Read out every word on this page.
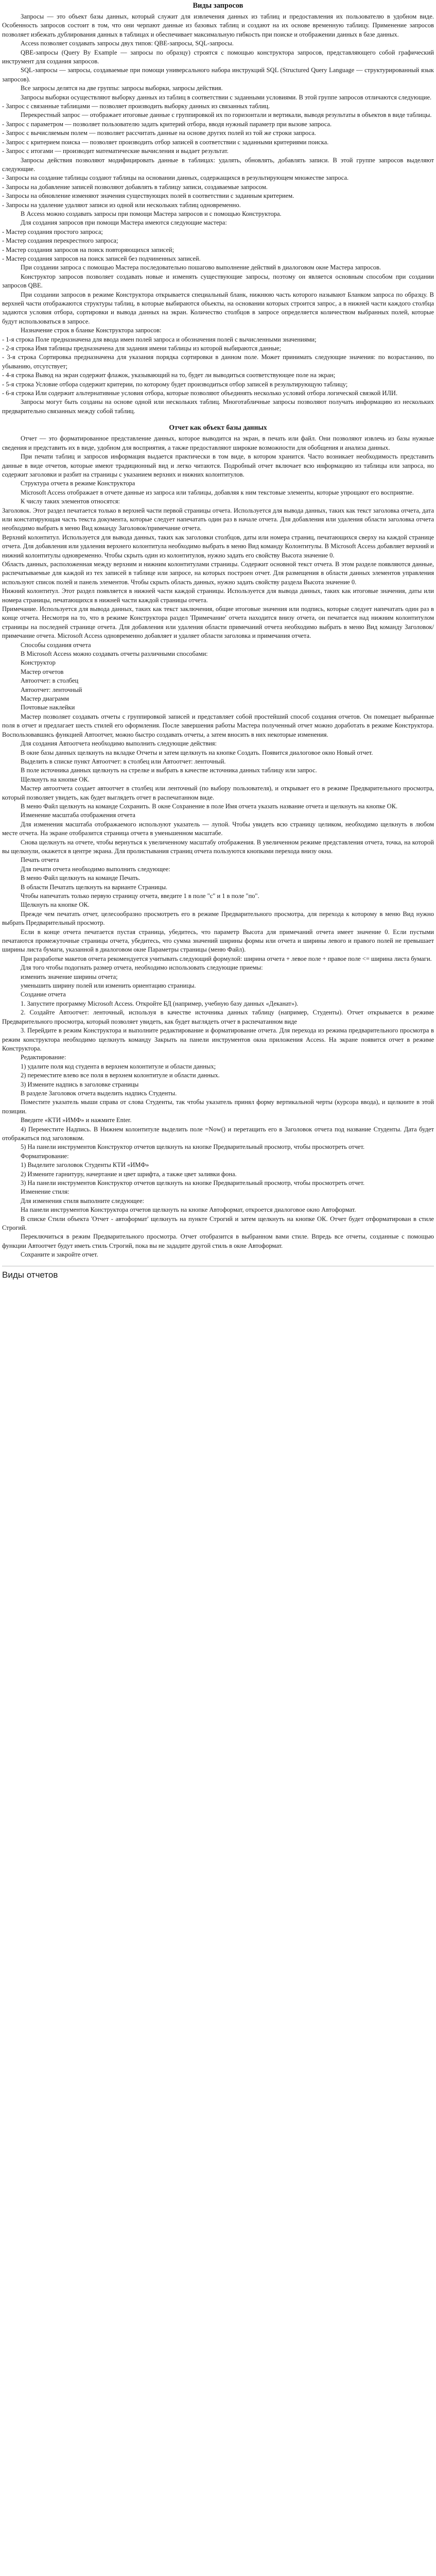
Виды запросов

Запросы — это объект базы данных, который служит для извлечения данных из таблиц и предоставления их пользователю в удобном виде. Особенность запросов состоит в том, что они черпают данные из базовых таблиц и создают на их основе временную таблицу. Применение запросов позволяет избежать дублирования данных в таблицах и обеспечивает максимальную гибкость при поиске и отображении данных в базе данных.

Access позволяет создавать запросы двух типов: QBE-запросы, SQL-запросы.

QBE-запросы (Query By Example — запросы по образцу) строятся с помощью конструктора запросов, представляющего собой графический инструмент для создания запросов.

SQL-запросы — запросы, создаваемые при помощи универсального набора инструкций SQL (Structured Query Language — структурированный язык запросов).

Все запросы делятся на две группы: запросы выборки, запросы действия.

Запросы выборки осуществляют выборку данных из таблиц в соответствии с заданными условиями. В этой группе запросов отличаются следующие.

- Запрос с связанные таблицами — позволяет производить выборку данных из связанных таблиц.

Перекрестный запрос — отображает итоговые данные с группировкой их по горизонтали и вертикали, выводя результаты в объектов в виде таблицы.

- Запрос с параметром — позволяет пользователю задать критерий отбора, вводя нужный параметр при вызове запроса.

- Запрос с вычисляемым полем — позволяет рассчитать данные на основе других полей из той же строки запроса.

- Запрос с критерием поиска — позволяет производить отбор записей в соответствии с заданными критериями поиска.

- Запрос с итогами — производит математические вычисления и выдает результат.

Запросы действия позволяют модифицировать данные в таблицах: удалять, обновлять, добавлять записи. В этой группе запросов выделяют следующие.

- Запросы на создание таблицы создают таблицы на основании данных, содержащихся в результирующем множестве запроса.

- Запросы на добавление записей позволяют добавлять в таблицу записи, создаваемые запросом.

- Запросы на обновление изменяют значения существующих полей в соответствии с заданным критерием.

- Запросы на удаление удаляют записи из одной или нескольких таблиц одновременно.

В Access можно создавать запросы при помощи Мастера запросов и с помощью Конструктора.

Для создания запросов при помощи Мастера имеются следующие мастера:

- Мастер создания простого запроса;

- Мастер создания перекрестного запроса;

- Мастер создания запросов на поиск повторяющихся записей;

- Мастер создания запросов на поиск записей без подчиненных записей.

При создании запроса с помощью Мастера последовательно пошагово выполнение действий в диалоговом окне Мастера запросов.

Конструктор запросов позволяет создавать новые и изменять существующие запросы, поэтому он является основным способом при создании запросов QBE.

При создании запросов в режиме Конструктора открывается специальный бланк, нижнюю часть которого называют Бланком запроса по образцу. В верхней части отображаются структуры таблиц, в которые выбираются объекты, на основании которых строится запрос, а в нижней части каждого столбца задаются условия отбора, сортировки и вывода данных на экран. Количество столбцов в запросе определяется количеством выбранных полей, которые будут использоваться в запросе.

Назначение строк в бланке Конструктора запросов:

- 1-я строка Поле предназначена для ввода имен полей запроса и обозначения полей с вычисленными значениями;

- 2-я строка Имя таблицы предназначена для задания имени таблицы из которой выбираются данные;

- 3-я строка Сортировка предназначена для указания порядка сортировки в данном поле. Может принимать следующие значения: по возрастанию, по убыванию, отсутствует;

- 4-я строка Вывод на экран содержит флажок, указывающий на то, будет ли выводиться соответствующее поле на экран;

- 5-я строка Условие отбора содержит критерии, по которому будет производиться отбор записей в результирующую таблицу;

- 6-я строка Или содержит альтернативные условия отбора, которые позволяют объединять несколько условий отбора логической связкой ИЛИ.

Запросы могут быть созданы на основе одной или нескольких таблиц. Многотабличные запросы позволяют получать информацию из нескольких предварительно связанных между собой таблиц.

Отчет как объект базы данных

Отчет — это форматированное представление данных, которое выводится на экран, в печать или файл. Они позволяют извлечь из базы нужные сведения и представить их в виде, удобном для восприятия, а также предоставляют широкие возможности для обобщения и анализа данных.

При печати таблиц и запросов информация выдается практически в том виде, в котором хранится. Часто возникает необходимость представить данные в виде отчетов, которые имеют традиционный вид и легко читаются. Подробный отчет включает всю информацию из таблицы или запроса, но содержит заголовки и разбит на страницы с указанием верхних и нижних колонтитулов.

Структура отчета в режиме Конструктора

Microsoft Access отображает в отчете данные из запроса или таблицы, добавляя к ним текстовые элементы, которые упрощают его восприятие.

К числу таких элементов относятся:

Заголовок. Этот раздел печатается только в верхней части первой страницы отчета. Используется для вывода данных, таких как текст заголовка отчета, дата или констатирующая часть текста документа, которые следует напечатать один раз в начале отчета. Для добавления или удаления области заголовка отчета необходимо выбрать в меню Вид команду Заголовок/примечание отчета.

Верхний колонтитул. Используется для вывода данных, таких как заголовки столбцов, даты или номера страниц, печатающихся сверху на каждой странице отчета. Для добавления или удаления верхнего колонтитула необходимо выбрать в меню Вид команду Колонтитулы. В Microsoft Access добавляет верхний и нижний колонтитулы одновременно. Чтобы скрыть один из колонтитулов, нужно задать его свойству Высота значение 0.

Область данных, расположенная между верхним и нижним колонтитулами страницы. Содержит основной текст отчета. В этом разделе появляются данные, распечатываемые для каждой из тех записей в таблице или запросе, на которых построен отчет. Для размещения в области данных элементов управления используют список полей и панель элементов. Чтобы скрыть область данных, нужно задать свойству раздела Высота значение 0.

Нижний колонтитул. Этот раздел появляется в нижней части каждой страницы. Используется для вывода данных, таких как итоговые значения, даты или номера страницы, печатающихся в нижней части каждой страницы отчета.

Примечание. Используется для вывода данных, таких как текст заключения, общие итоговые значения или подпись, которые следует напечатать один раз в конце отчета. Несмотря на то, что в режиме Конструктора раздел 'Примечание' отчета находится внизу отчета, он печатается над нижним колонтитулом страницы на последней странице отчета. Для добавления или удаления области примечаний отчета необходимо выбрать в меню Вид команду Заголовок/примечание отчета. Microsoft Access одновременно добавляет и удаляет области заголовка и примечания отчета.

Способы создания отчета

В Microsoft Access можно создавать отчеты различными способами:

Конструктор

Мастер отчетов

Автоотчет: в столбец

Автоотчет: ленточный

Мастер диаграмм

Почтовые наклейки

Мастер позволяет создавать отчеты с группировкой записей и представляет собой простейший способ создания отчетов. Он помещает выбранные поля в отчет и предлагает шесть стилей его оформления. После завершения работы Мастера полученный отчет можно доработать в режиме Конструктора. Воспользовавшись функцией Автоотчет, можно быстро создавать отчеты, а затем вносить в них некоторые изменения.

Для создания Автоотчета необходимо выполнить следующие действия:

В окне базы данных щелкнуть на вкладке Отчеты и затем щелкнуть на кнопке Создать. Появится диалоговое окно Новый отчет.

Выделить в списке пункт Автоотчет: в столбец или Автоотчет: ленточный.

В поле источника данных щелкнуть на стрелке и выбрать в качестве источника данных таблицу или запрос.

Щелкнуть на кнопке ОК.

Мастер автоотчета создает автоотчет в столбец или ленточный (по выбору пользователя), и открывает его в режиме Предварительного просмотра, который позволяет увидеть, как будет выглядеть отчет в распечатанном виде.

В меню Файл щелкнуть на команде Сохранить. В окне Сохранение в поле Имя отчета указать название отчета и щелкнуть на кнопке ОК.

Изменение масштаба отображения отчета

Для изменения масштаба отображаемого используют указатель — лупой. Чтобы увидеть всю страницу целиком, необходимо щелкнуть в любом месте отчета. На экране отобразится страница отчета в уменьшенном масштабе.

Снова щелкнуть на отчете, чтобы вернуться к увеличенному масштабу отображения. В увеличенном режиме представления отчета, точка, на которой вы щелкнули, окажется в центре экрана. Для пролистывания страниц отчета пользуются кнопками перехода внизу окна.

Печать отчета

Для печати отчета необходимо выполнить следующее:

В меню Файл щелкнуть на команде Печать.

В области Печатать щелкнуть на варианте Страницы.

Чтобы напечатать только первую страницу отчета, введите 1 в поле "с" и 1 в поле "по".

Щелкнуть на кнопке ОК.

Прежде чем печатать отчет, целесообразно просмотреть его в режиме Предварительного просмотра, для перехода к которому в меню Вид нужно выбрать Предварительный просмотр.

Если в конце отчета печатается пустая страница, убедитесь, что параметр Высота для примечаний отчета имеет значение 0. Если пустыми печатаются промежуточные страницы отчета, убедитесь, что сумма значений ширины формы или отчета и ширины левого и правого полей не превышает ширины листа бумаги, указанной в диалоговом окне Параметры страницы (меню Файл).

При разработке макетов отчета рекомендуется учитывать следующий формулой: ширина отчета + левое поле + правое поле <= ширина листа бумаги.

Для того чтобы подогнать размер отчета, необходимо использовать следующие приемы:

изменить значение ширины отчета;

уменьшить ширину полей или изменить ориентацию страницы.

Создание отчета

1. Запустите программу Microsoft Access. Откройте БД (например, учебную базу данных «Деканат»).

2. Создайте Автоотчет: ленточный, используя в качестве источника данных таблицу (например, Студенты). Отчет открывается в режиме Предварительного просмотра, который позволяет увидеть, как будет выглядеть отчет в распечатанном виде

3. Перейдите в режим Конструктора и выполните редактирование и форматирование отчета. Для перехода из режима предварительного просмотра в режим конструктора необходимо щелкнуть команду Закрыть на панели инструментов окна приложения Access. На экране появится отчет в режиме Конструктора.

Редактирование:

1) удалите поля код студента в верхнем колонтитуле и области данных;

2) переместите влево все поля в верхнем колонтитуле и области данных.

3) Измените надпись в заголовке страницы

В разделе Заголовок отчета выделить надпись Студенты.

Поместите указатель мыши справа от слова Студенты, так чтобы указатель принял форму вертикальной черты (курсора ввода), и щелкните в этой позиции.

Введите «КТИ »ИМФ» и нажмите Enter.

4) Переместите Надпись. В Нижнем колонтитуле выделить поле =Now() и перетащить его в Заголовок отчета под название Студенты. Дата будет отображаться под заголовком.

5) На панели инструментов Конструктор отчетов щелкнуть на кнопке Предварительный просмотр, чтобы просмотреть отчет.

Форматирование:

1) Выделите заголовок Студенты КТИ «ИМФ»

2) Измените гарнитуру, начертание и цвет шрифта, а также цвет заливки фона.

3) На панели инструментов Конструктор отчетов щелкнуть на кнопке Предварительный просмотр, чтобы просмотреть отчет.

Изменение стиля:

Для изменения стиля выполните следующее:

На панели инструментов Конструктора отчетов щелкнуть на кнопке Автоформат, откроется диалоговое окно Автоформат.

В списке Стили объекта 'Отчет - автоформат' щелкнуть на пункте Строгий и затем щелкнуть на кнопке ОК. Отчет будет отформатирован в стиле Строгий.

Переключиться в режим Предварительного просмотра. Отчет отобразится в выбранном вами стиле. Впредь все отчеты, созданные с помощью функции Автоотчет будут иметь стиль Строгий, пока вы не зададите другой стиль в окне Автоформат.

Сохраните и закройте отчет.

Виды отчетов
